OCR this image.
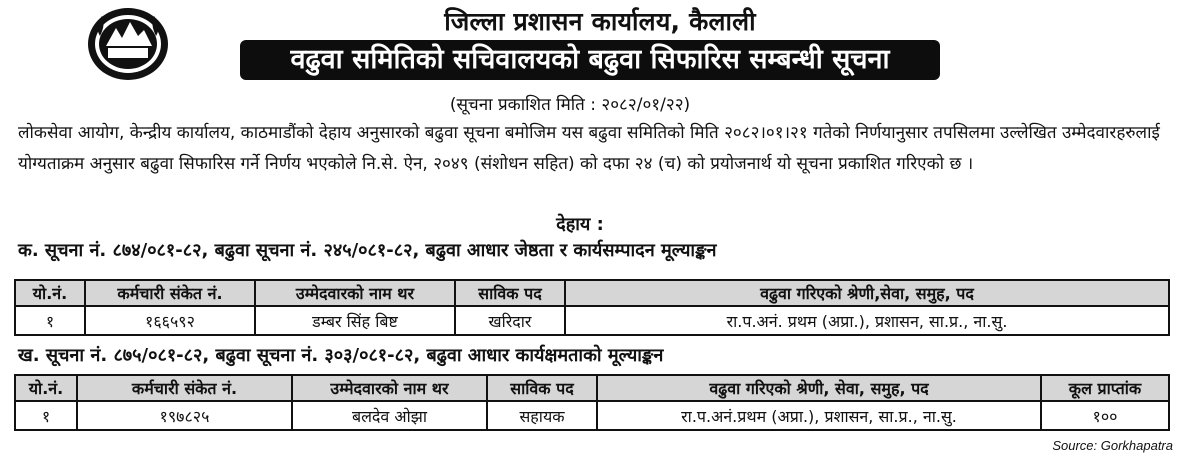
जिल्ला प्रशासन कार्यालय, कैलाली
वढुवा समितिको सचिवालयको बढुवा सिफारिस सम्बन्धी सूचना
(सूचना प्रकाशित मिति : २०८२/०१/२२)

लोकसेवा आयोग, केन्द्रीय कार्यालय, काठमाडौंको देहाय अनुसारको बढुवा सूचना बमोजिम यस बढुवा समितिको मिति २०८२।०१।२१ गतेको निर्णयानुसार तपसिलमा उल्लेखित उम्मेदवारहरुलाई योग्यताक्रम अनुसार बढुवा सिफारिस गर्ने निर्णय भएकोले नि.से. ऐन, २०४९ (संशोधन सहित) को दफा २४ (च) को प्रयोजनार्थ यो सूचना प्रकाशित गरिएको छ ।

देहाय :
क. सूचना नं. ८७४/०८१-८२, बढुवा सूचना नं. २४५/०८१-८२, बढुवा आधार जेष्ठता र कार्यसम्पादन मूल्याङ्कन
यो.नं.	कर्मचारी संकेत नं.	उम्मेदवारको नाम थर	साविक पद	वढुवा गरिएको श्रेणी,सेवा, समुह, पद
१	१६६५९२	डम्बर सिंह बिष्ट	खरिदार	रा.प.अनं. प्रथम (अप्रा.), प्रशासन, सा.प्र., ना.सु.
ख. सूचना नं. ८७५/०८१-८२, बढुवा सूचना नं. ३०३/०८१-८२, बढुवा आधार कार्यक्षमताको मूल्याङ्कन
यो.नं.	कर्मचारी संकेत नं.	उम्मेदवारको नाम थर	साविक पद	वढुवा गरिएको श्रेणी, सेवा, समुह, पद	कूल प्राप्तांक
१	१९७८२५	बलदेव ओझा	सहायक	रा.प.अनं.प्रथम (अप्रा.), प्रशासन, सा.प्र., ना.सु.	१००
Source: Gorkhapatra
